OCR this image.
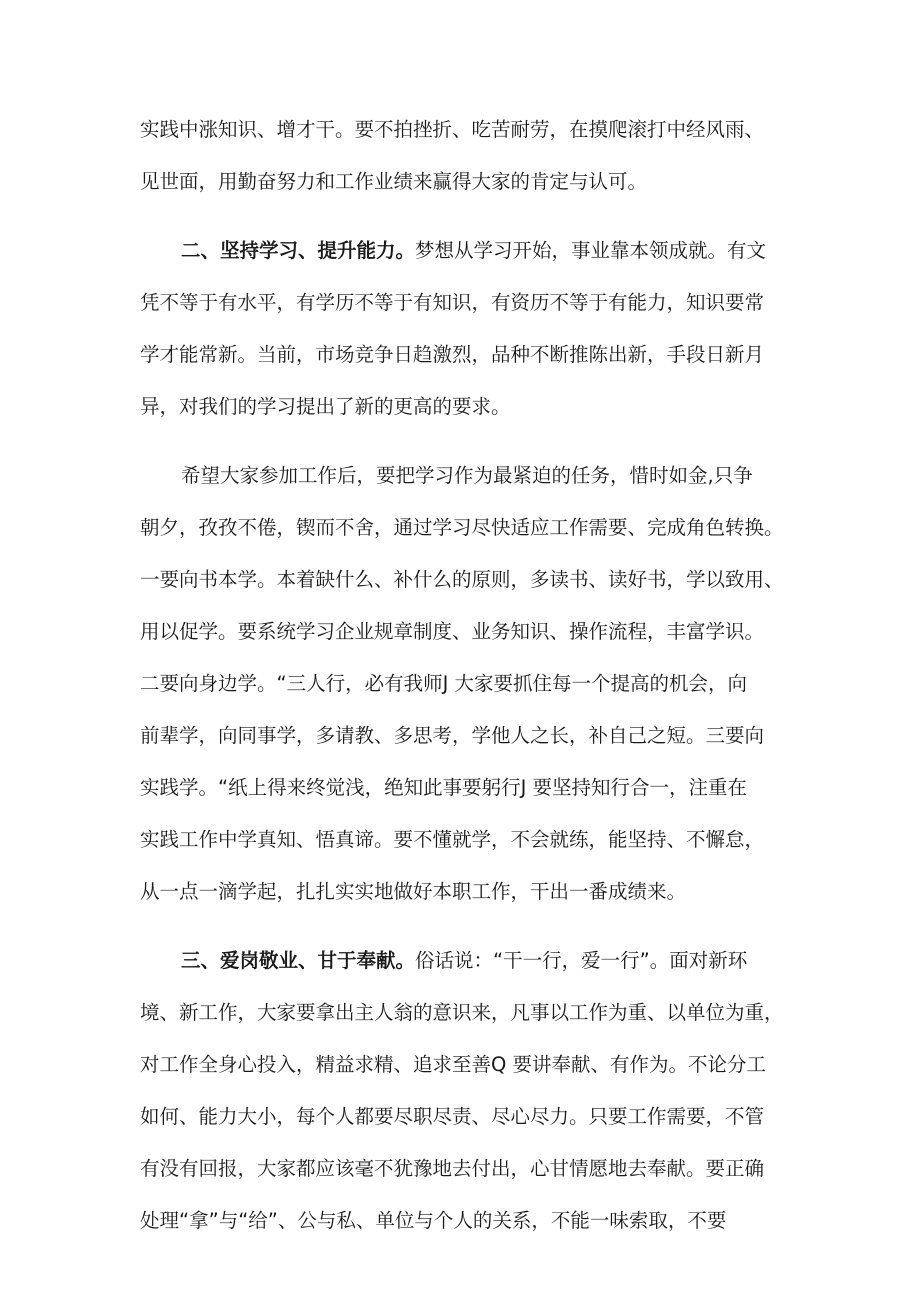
实践中涨知识、增才干。要不拍挫折、吃苦耐劳，在摸爬滚打中经风雨、
见世面，用勤奋努力和工作业绩来赢得大家的肯定与认可。
二、坚持学习、提升能力。梦想从学习开始，事业靠本领成就。有文
凭不等于有水平，有学历不等于有知识，有资历不等于有能力，知识要常
学才能常新。当前，市场竞争日趋激烈，品种不断推陈出新，手段日新月
异，对我们的学习提出了新的更高的要求。
希望大家参加工作后，要把学习作为最紧迫的任务，惜时如金,只争
朝夕，孜孜不倦，锲而不舍，通过学习尽快适应工作需要、完成角色转换。
一要向书本学。本着缺什么、补什么的原则，多读书、读好书，学以致用、
用以促学。要系统学习企业规章制度、业务知识、操作流程，丰富学识。
二要向身边学。“三人行，必有我师J 大家要抓住每一个提高的机会，向
前辈学，向同事学，多请教、多思考，学他人之长，补自己之短。三要向
实践学。“纸上得来终觉浅，绝知此事要躬行J 要坚持知行合一，注重在
实践工作中学真知、悟真谛。要不懂就学，不会就练，能坚持、不懈怠，
从一点一滴学起，扎扎实实地做好本职工作，干出一番成绩来。
三、爱岗敬业、甘于奉献。俗话说：“干一行，爱一行”。面对新环
境、新工作，大家要拿出主人翁的意识来，凡事以工作为重、以单位为重，
对工作全身心投入，精益求精、追求至善Q 要讲奉献、有作为。不论分工
如何、能力大小，每个人都要尽职尽责、尽心尽力。只要工作需要，不管
有没有回报，大家都应该毫不犹豫地去付出，心甘情愿地去奉献。要正确
处理“拿”与“给”、公与私、单位与个人的关系，不能一味索取，不要
